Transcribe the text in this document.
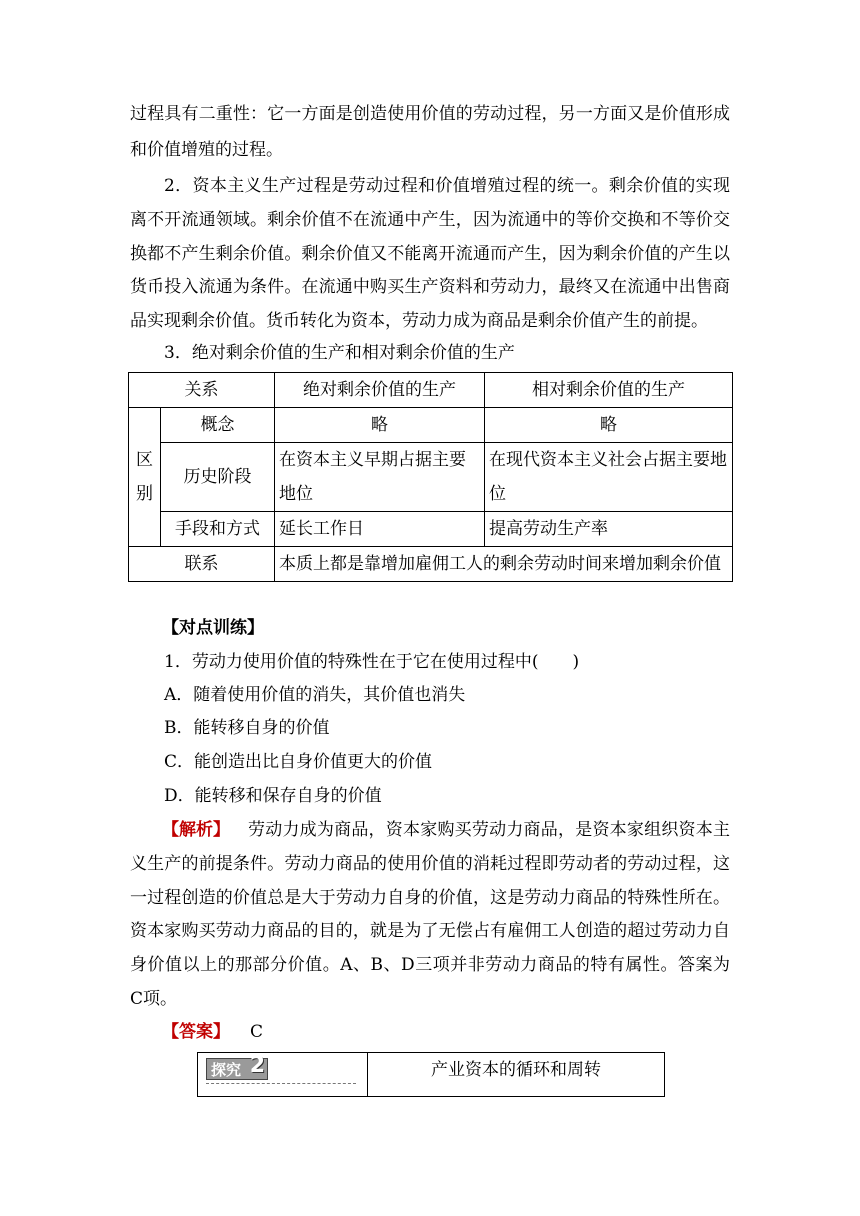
过程具有二重性：它一方面是创造使用价值的劳动过程，另一方面又是价值形成
和价值增殖的过程。
2．资本主义生产过程是劳动过程和价值增殖过程的统一。剩余价值的实现
离不开流通领域。剩余价值不在流通中产生，因为流通中的等价交换和不等价交
换都不产生剩余价值。剩余价值又不能离开流通而产生，因为剩余价值的产生以
货币投入流通为条件。在流通中购买生产资料和劳动力，最终又在流通中出售商
品实现剩余价值。货币转化为资本，劳动力成为商品是剩余价值产生的前提。
3．绝对剩余价值的生产和相对剩余价值的生产
关系		绝对剩余价值的生产	相对剩余价值的生产
区别	概念	略	略
	历史阶段	在资本主义早期占据主要地位	在现代资本主义社会占据主要地位
	手段和方式	延长工作日	提高劳动生产率
联系		本质上都是靠增加雇佣工人的剩余劳动时间来增加剩余价值	
【对点训练】
1．劳动力使用价值的特殊性在于它在使用过程中(　　)
A．随着使用价值的消失，其价值也消失
B．能转移自身的价值
C．能创造出比自身价值更大的价值
D．能转移和保存自身的价值
【解析】 劳动力成为商品，资本家购买劳动力商品，是资本家组织资本主
义生产的前提条件。劳动力商品的使用价值的消耗过程即劳动者的劳动过程，这
一过程创造的价值总是大于劳动力自身的价值，这是劳动力商品的特殊性所在。
资本家购买劳动力商品的目的，就是为了无偿占有雇佣工人创造的超过劳动力自
身价值以上的那部分价值。A、B、D三项并非劳动力商品的特有属性。答案为
C项。
【答案】 C
探究 2	产业资本的循环和周转
